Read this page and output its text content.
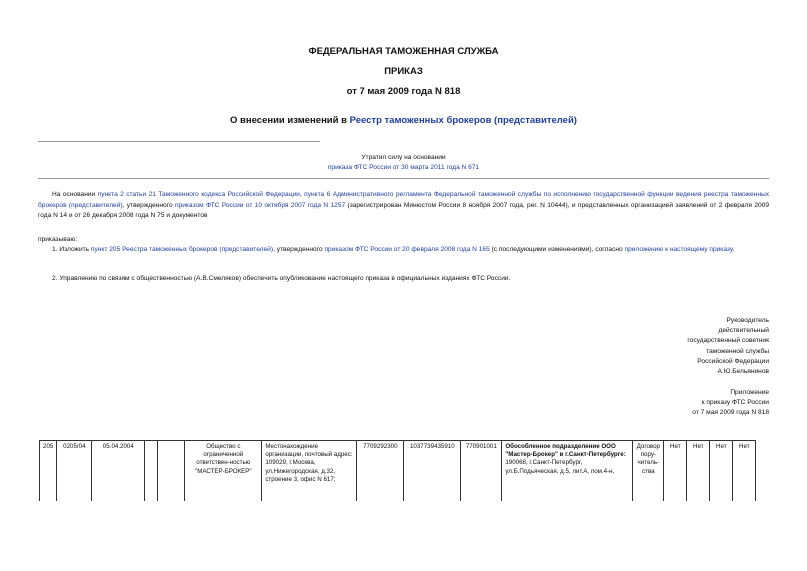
ФЕДЕРАЛЬНАЯ ТАМОЖЕННАЯ СЛУЖБА
ПРИКАЗ
от 7 мая 2009 года N 818
О внесении изменений в Реестр таможенных брокеров (представителей)
Утратил силу на основании
приказа ФТС России от 30 марта 2011 года N 671
На основании пункта 2 статьи 21 Таможенного кодекса Российской Федерации, пункта 6 Административного регламента Федеральной таможенной службы по исполнению государственной функции ведения реестра таможенных брокеров (представителей), утвержденного приказом ФТС России от 10 октября 2007 года N 1257 (зарегистрирован Минюстом России 8 ноября 2007 года, рег. N 10444), и представленных организацией заявлений от 2 февраля 2009 года N 14 и от 26 декабря 2008 года N 75 и документов
приказываю:
1. Изложить пункт 205 Реестра таможенных брокеров (представителей), утвержденного приказом ФТС России от 20 февраля 2008 года N 165 (с последующими изменениями), согласно приложению к настоящему приказу.
2. Управлению по связям с общественностью (А.В.Смеляков) обеспечить опубликование настоящего приказа в официальных изданиях ФТС России.
Руководитель
действительный
государственный советник
таможенной службы
Российской Федерации
А.Ю.Бельянинов
Приложение
к приказу ФТС России
от 7 мая 2009 года N 818
205	0205/04	05.04.2004			Общество с ограниченной ответствен-ностью "МАСТЕР-БРОКЕР"	Местонахождение организации, почтовый адрес: 109029, г.Москва, ул.Нижегородская, д.32, строение 3, офис N 617;	7709292300	1037739435910	770901001	Обособленное подразделение ООО "Мастер-Брокер" в г.Санкт-Петербурге:
190068, г.Санкт-Петербург, ул.Б.Подьяческая, д.5, лит.А, пом.4-н,
	Договор пору-читель-ства	Нет	Нет	Нет	Нет
